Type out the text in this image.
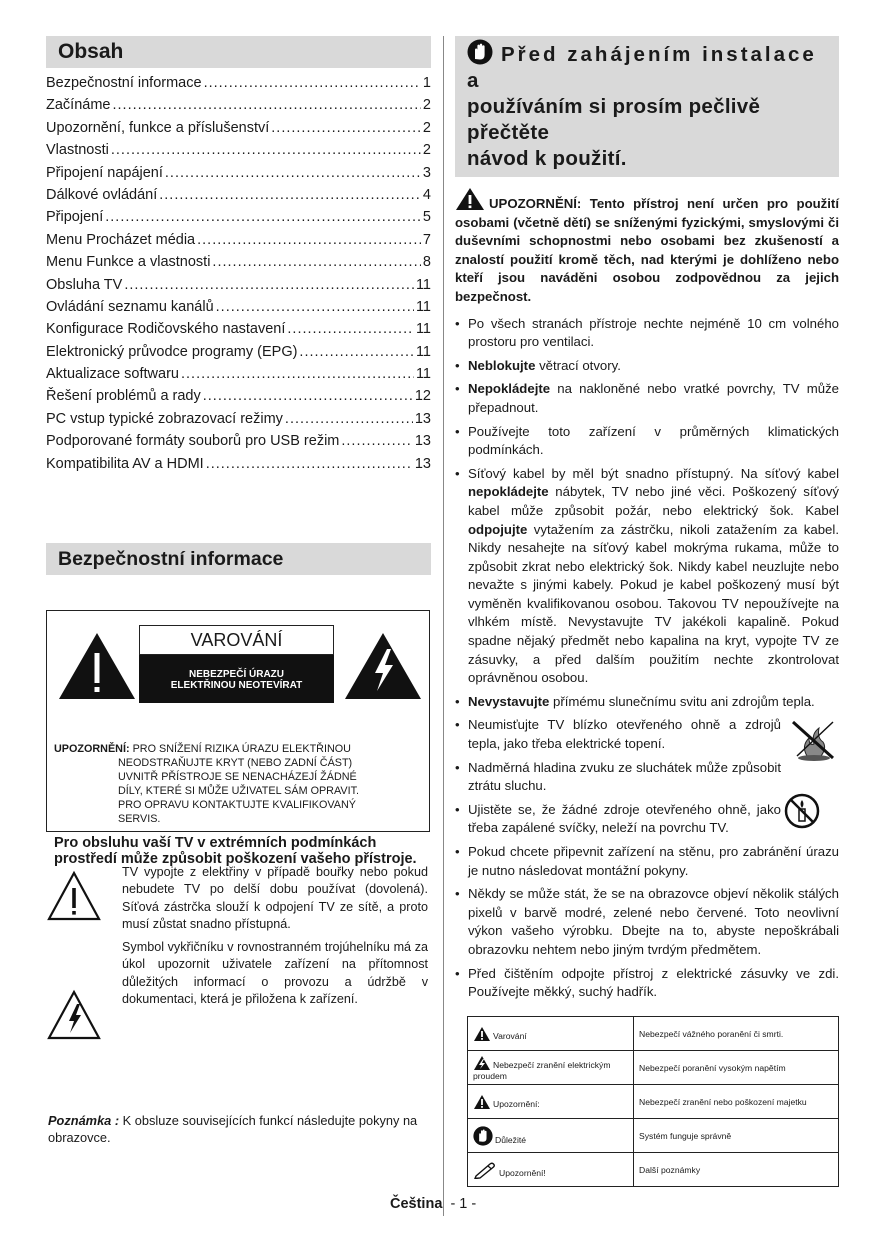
Obsah
Bezpečnostní informace .....	1
Začínáme .....	2
Upozornění, funkce a příslušenství .....	2
Vlastnosti .....	2
Připojení napájení .....	3
Dálkové ovládání .....	4
Připojení .....	5
Menu Procházet média .....	7
Menu Funkce a vlastnosti .....	8
Obsluha TV .....	11
Ovládání seznamu kanálů .....	11
Konfigurace Rodičovského nastavení .....	11
Elektronický průvodce programy (EPG) .....	11
Aktualizace softwaru .....	11
Řešení problémů a rady .....	12
PC vstup typické zobrazovací režimy .....	13
Podporované formáty souborů pro USB režim .....	13
Kompatibilita AV a HDMI .....	13
Bezpečnostní informace
VAROVÁNÍ
NEBEZPEČÍ ÚRAZU
ELEKTŘINOU NEOTEVÍRAT
UPOZORNĚNÍ: PRO SNÍŽENÍ RIZIKA ÚRAZU ELEKTŘINOU
NEODSTRAŇUJTE KRYT (NEBO ZADNÍ ČÁST)
UVNITŘ PŘÍSTROJE SE NENACHÁZEJÍ ŽÁDNÉ
DÍLY, KTERÉ SI MŮŽE UŽIVATEL SÁM OPRAVIT.
PRO OPRAVU KONTAKTUJTE KVALIFIKOVANÝ
SERVIS.
Pro obsluhu vaší TV v extrémních podmínkách prostředí může způsobit poškození vašeho přístroje.
TV vypojte z elektřiny v případě bouřky nebo pokud nebudete TV po delší dobu používat (dovolená). Síťová zástrčka slouží k odpojení TV ze sítě, a proto musí zůstat snadno přístupná.
Symbol vykřičníku v rovnostranném trojúhelníku má za úkol upozornit uživatele zařízení na přítomnost důležitých informací o provozu a údržbě v dokumentaci, která je přiložena k zařízení.
Poznámka : K obsluze souvisejících funkcí následujte pokyny na obrazovce.
Před zahájením instalace a
používáním si prosím pečlivě přečtěte
návod k použití.
UPOZORNĚNÍ: Tento přístroj není určen pro použití osobami (včetně dětí) se sníženými fyzickými, smyslovými či duševními schopnostmi nebo osobami bez zkušeností a znalostí použití kromě těch, nad kterými je dohlíženo nebo kteří jsou naváděni osobou zodpovědnou za jejich bezpečnost.
• Po všech stranách přístroje nechte nejméně 10 cm volného prostoru pro ventilaci.
• Neblokujte větrací otvory.
• Nepokládejte na nakloněné nebo vratké povrchy, TV může přepadnout.
• Používejte toto zařízení v průměrných klimatických podmínkách.
• Síťový kabel by měl být snadno přístupný. Na síťový kabel nepokládejte nábytek, TV nebo jiné věci. Poškozený síťový kabel může způsobit požár, nebo elektrický šok. Kabel odpojujte vytažením za zástrčku, nikoli zatažením za kabel. Nikdy nesahejte na síťový kabel mokrýma rukama, může to způsobit zkrat nebo elektrický šok. Nikdy kabel neuzlujte nebo nevažte s jinými kabely. Pokud je kabel poškozený musí být vyměněn kvalifikovanou osobou. Takovou TV nepoužívejte na vlhkém místě. Nevystavujte TV jakékoli kapalině. Pokud spadne nějaký předmět nebo kapalina na kryt, vypojte TV ze zásuvky, a před dalším použitím nechte zkontrolovat oprávněnou osobou.
• Nevystavujte přímému slunečnímu svitu ani zdrojům tepla.
• Neumisťujte TV blízko otevřeného ohně a zdrojů tepla, jako třeba elektrické topení.
• Nadměrná hladina zvuku ze sluchátek může způsobit ztrátu sluchu.
• Ujistěte se, že žádné zdroje otevřeného ohně, jako třeba zapálené svíčky, neleží na povrchu TV.
• Pokud chcete připevnit zařízení na stěnu, pro zabránění úrazu je nutno následovat montážní pokyny.
• Někdy se může stát, že se na obrazovce objeví několik stálých pixelů v barvě modré, zelené nebo červené. Toto neovlivní výkon vašeho výrobku. Dbejte na to, abyste nepoškrábali obrazovku nehtem nebo jiným tvrdým předmětem.
• Před čištěním odpojte přístroj z elektrické zásuvky ve zdi. Používejte měkký, suchý hadřík.
Varování	Nebezpečí vážného poranění či smrti.
Nebezpečí zranění elektrickým proudem	Nebezpečí poranění vysokým napětím
Upozornění:	Nebezpečí zranění nebo poškození majetku
Důležité	Systém funguje správně
Upozornění!	Další poznámky
Čeština - 1 -
